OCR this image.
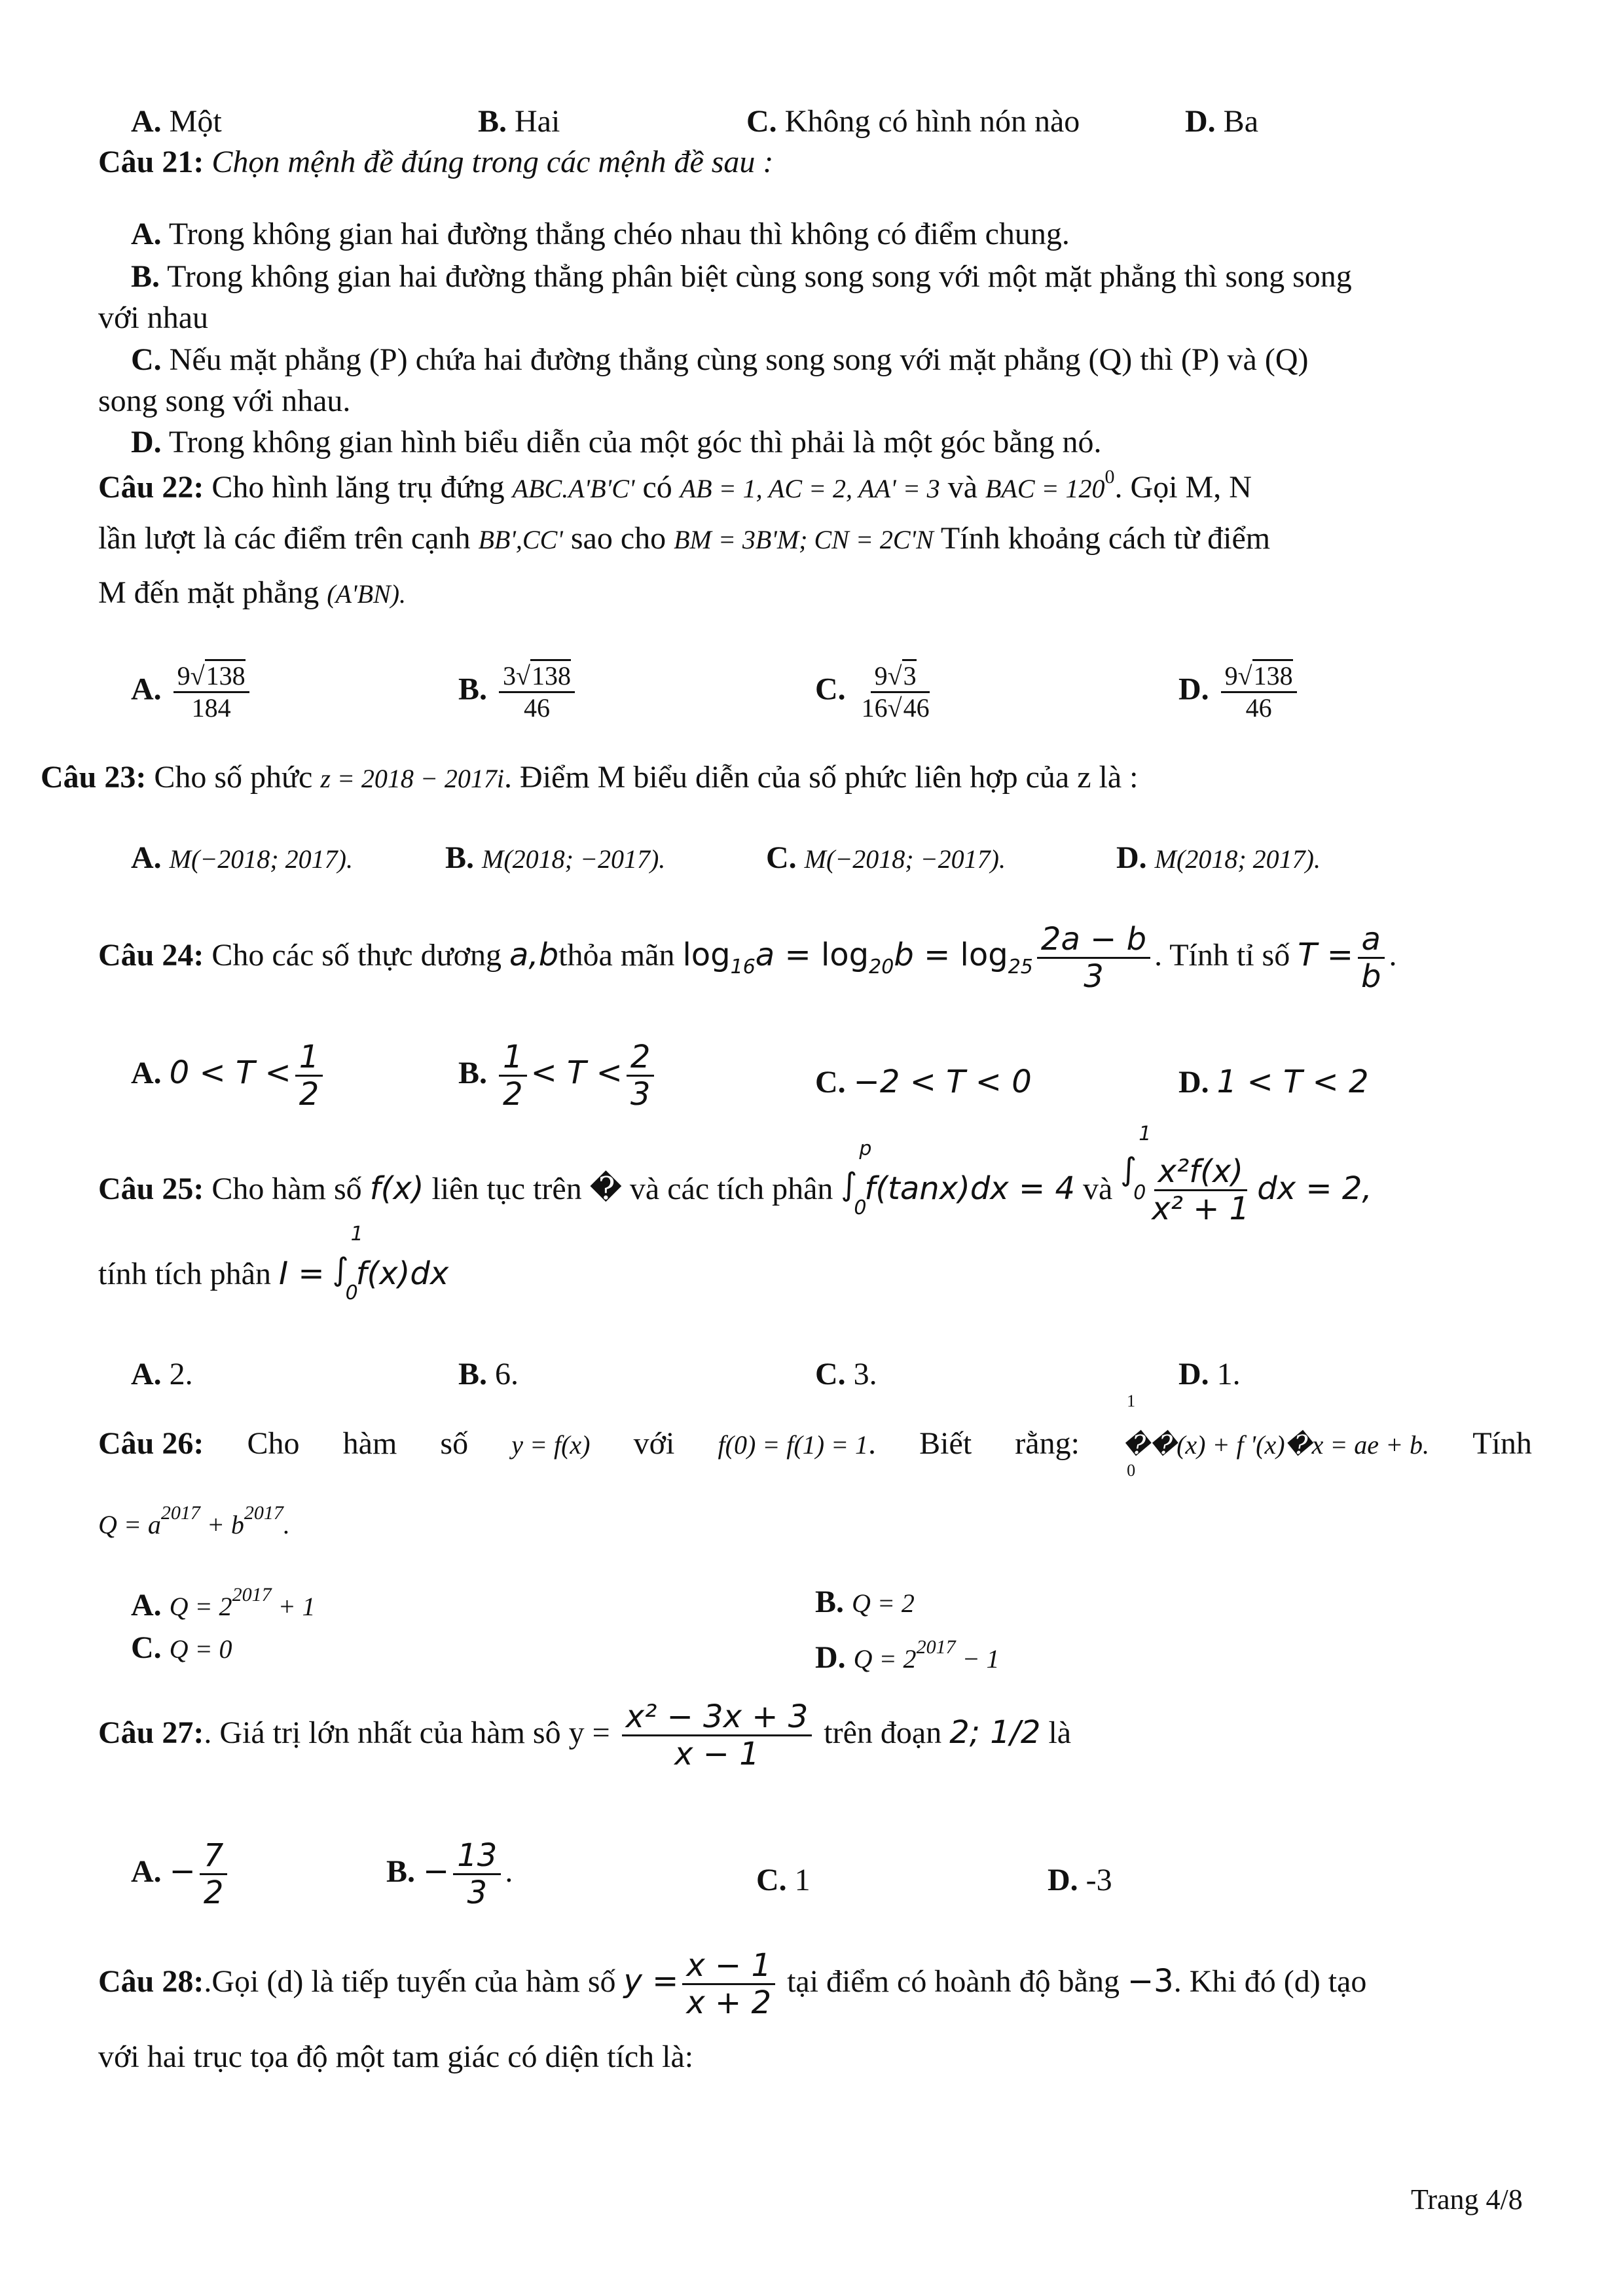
A. Một	B. Hai	C. Không có hình nón nào	D. Ba
Câu 21: Chọn mệnh đề đúng trong các mệnh đề sau :
A. Trong không gian hai đường thẳng chéo nhau thì không có điểm chung.
B. Trong không gian hai đường thẳng phân biệt cùng song song với một mặt phẳng thì song song
với nhau
C. Nếu mặt phẳng (P) chứa hai đường thẳng cùng song song với mặt phẳng (Q) thì (P) và (Q)
song song với nhau.
D. Trong không gian hình biểu diễn của một góc thì phải là một góc bằng nó.
Câu 22: Cho hình lăng trụ đứng ABC.A'B'C' có AB = 1, AC = 2, AA' = 3 và BAC = $120^0$. Gọi M, N
lần lượt là các điểm trên cạnh BB',CC' sao cho BM = 3B'M; CN = 2C'N Tính khoảng cách từ điểm
M đến mặt phẳng (A'BN).
A. $\frac{9√138}{184}$	B. $\frac{3√138}{46}$	C. $\frac{9√3}{16√46}$	D. $\frac{9√138}{46}$
Câu 23: Cho số phức z = 2018 − 2017i. Điểm M biểu diễn của số phức liên hợp của z là :
A. M(−2018; 2017).	B. M(2018; −2017).	C. M(−2018; −2017).	D. M(2018; 2017).
Câu 24: Cho các số thực dương a,bthỏa mãn $\log_{16}a = \log_{20}b = \log_{25} \frac{2a - b}{3}$ . Tính tỉ số $T = \frac{a}{b}$ .
A. $0 < T < \frac{1}{2}$	B. $\frac{1}{2} < T < \frac{2}{3}$	C. −2 < T < 0	D. 1 < T < 2
Câu 25: Cho hàm số f(x) liên tục trên � và các tích phân
p
∫
0
f(tanx)dx = 4 và
1
∫
$0 \frac{\text{x²f(x)}}{\text{x² + 1}}$ dx = 2,
tính tích phân I =
1
∫
0
f(x)dx
A. 2.	B. 6.	C. 3.	D. 1.
Câu 26: Cho hàm số y = f(x) với f(0) = f(1) = 1. Biết rằng:
1
0
��(x) + f '(x)�x = ae + b. Tính
$Q = a^{2017} + b^{2017}$.
A. $Q = 2^{2017} + 1$	B. Q = 2
C. Q = 0	D. $Q = 2^{2017} - 1$
Câu 27:. Giá trị lớn nhất của hàm sô $y = \frac{\text{x² − 3x + 3}}{x - 1}$ trên đoạn 2; 1/2 là
A. − $\frac{7}{2}$	B. − $\frac{13}{3}$ .	C. 1	D. -3
Câu 28:.Gọi (d) là tiếp tuyến của hàm số $y = \frac{x - 1}{x + 2}$ tại điểm có hoành độ bằng −3. Khi đó (d) tạo
với hai trục tọa độ một tam giác có diện tích là:
Trang 4/8
